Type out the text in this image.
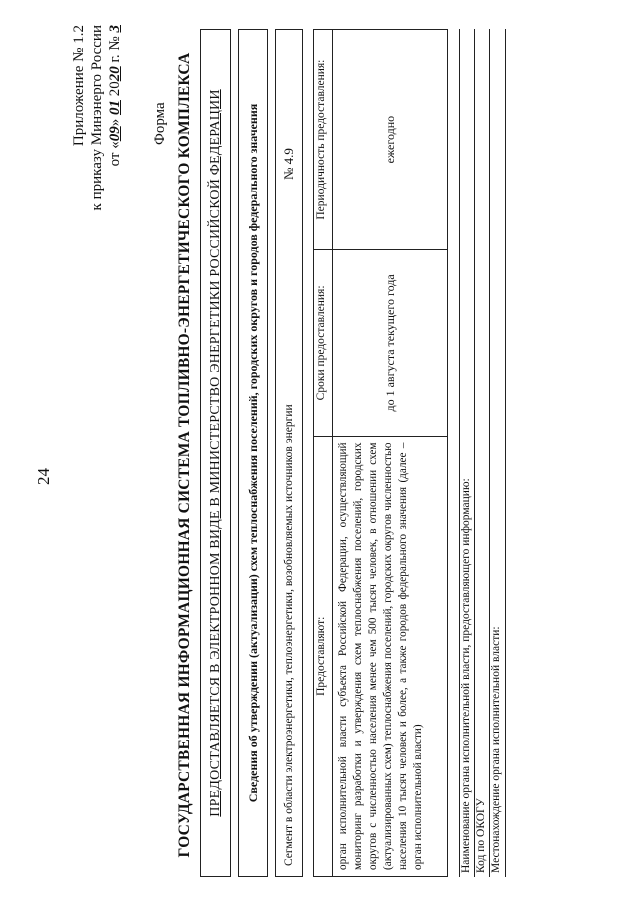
24
Приложение № 1.2 к приказу Минэнерго России от «09» 01 2020 г. № 3
Форма ГОСУДАРСТВЕННАЯ ИНФОРМАЦИОННАЯ СИСТЕМА ТОПЛИВНО-ЭНЕРГЕТИЧЕСКОГО КОМПЛЕКСА ПРЕДОСТАВЛЯЕТСЯ В ЭЛЕКТРОННОМ ВИДЕ В МИНИСТЕРСТВО ЭНЕРГЕТИКИ РОССИЙСКОЙ ФЕДЕРАЦИИ Сведения об утверждении (актуализации) схем теплоснабжения поселений, городских округов и городов федерального значения Сегмент в области электроэнергетики, теплоэнергетики, возобновляемых источников энергии
№ 4.9
Предоставляют:	Сроки предоставления:	Периодичность предоставления:
орган исполнительной власти субъекта Российской Федерации, осуществляющий мониторинг разработки и утверждения схем теплоснабжения поселений, городских округов с численностью населения менее чем 500 тысяч человек, в отношении схем (актуализированных схем) теплоснабжения поселений, городских округов численностью населения 10 тысяч человек и более, а также городов федерального значения (далее – орган исполнительной власти)	до 1 августа текущего года	ежегодно
Наименование органа исполнительной власти, предоставляющего информацию: Код по ОКОГУ Местонахождение органа исполнительной власти:
